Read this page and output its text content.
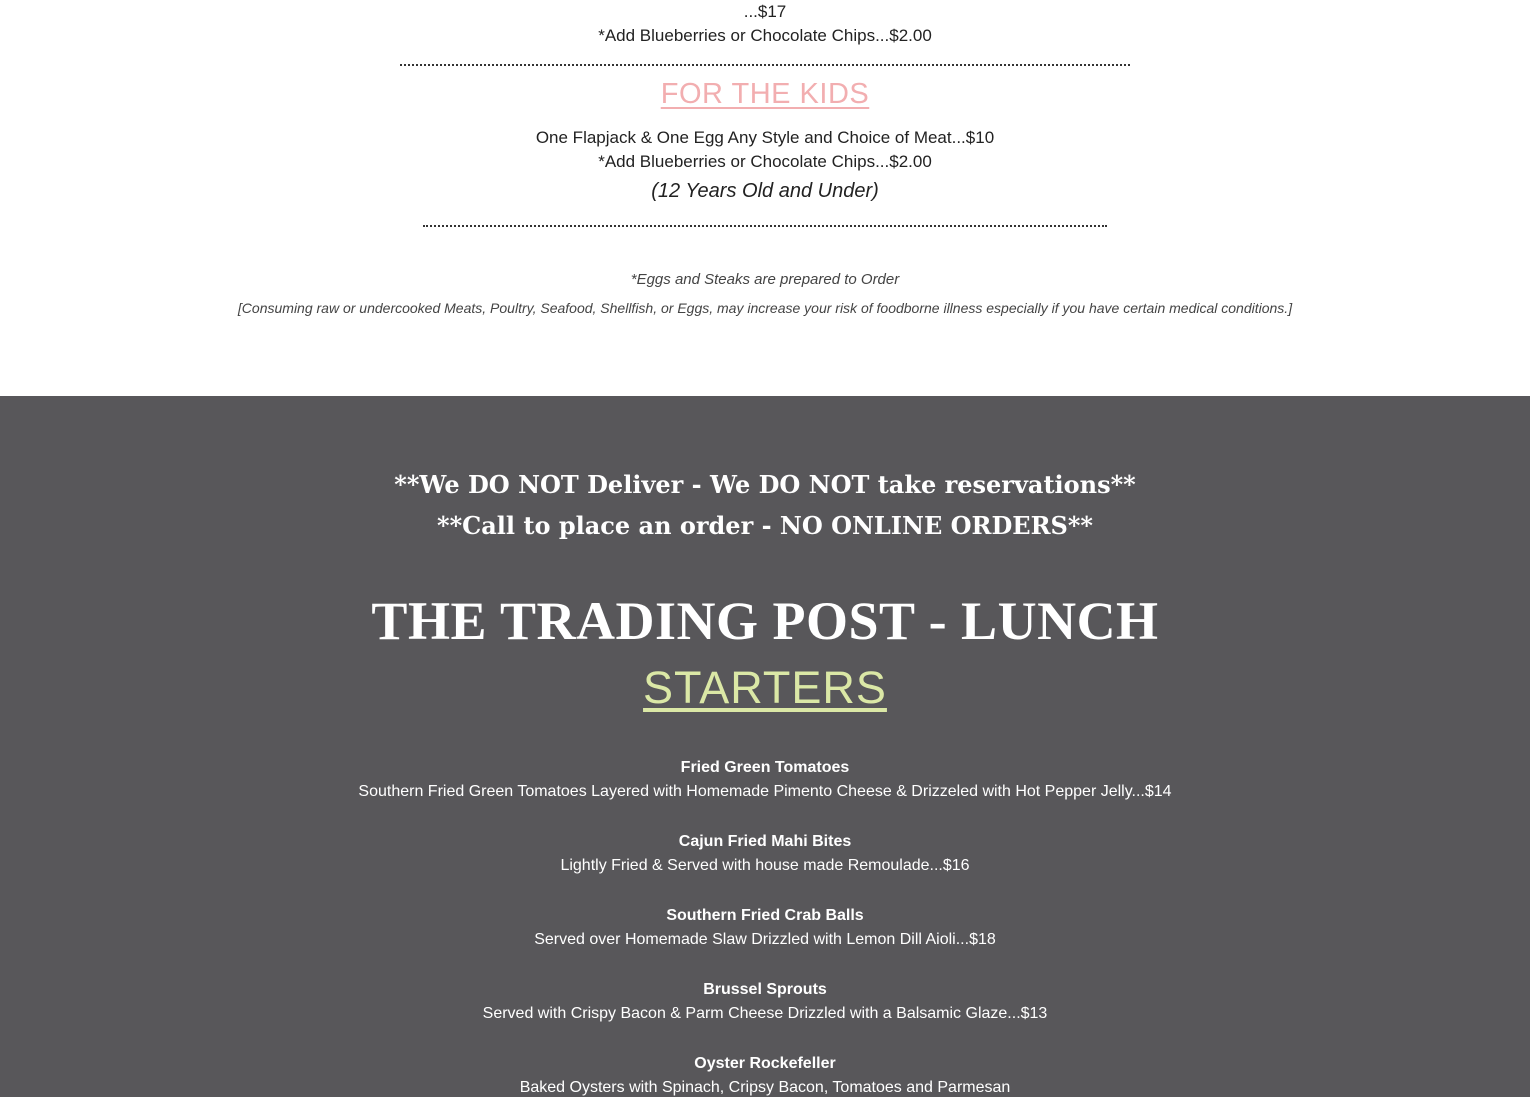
...$17
*Add Blueberries or Chocolate Chips...$2.00
FOR THE KIDS
One Flapjack & One Egg Any Style and Choice of Meat...$10
*Add Blueberries or Chocolate Chips...$2.00
(12 Years Old and Under)
*Eggs and Steaks are prepared to Order
[Consuming raw or undercooked Meats, Poultry, Seafood, Shellfish, or Eggs, may increase your risk of foodborne illness especially if you have certain medical conditions.]
**We DO NOT Deliver - We DO NOT take reservations**
**Call to place an order - NO ONLINE ORDERS**
THE TRADING POST - LUNCH
STARTERS
Fried Green Tomatoes
Southern Fried Green Tomatoes Layered with Homemade Pimento Cheese & Drizzeled with Hot Pepper Jelly...$14
Cajun Fried Mahi Bites
Lightly Fried & Served with house made Remoulade...$16
Southern Fried Crab Balls
Served over Homemade Slaw Drizzled with Lemon Dill Aioli...$18
Brussel Sprouts
Served with Crispy Bacon & Parm Cheese Drizzled with a Balsamic Glaze...$13
Oyster Rockefeller
Baked Oysters with Spinach, Cripsy Bacon, Tomatoes and Parmesan
